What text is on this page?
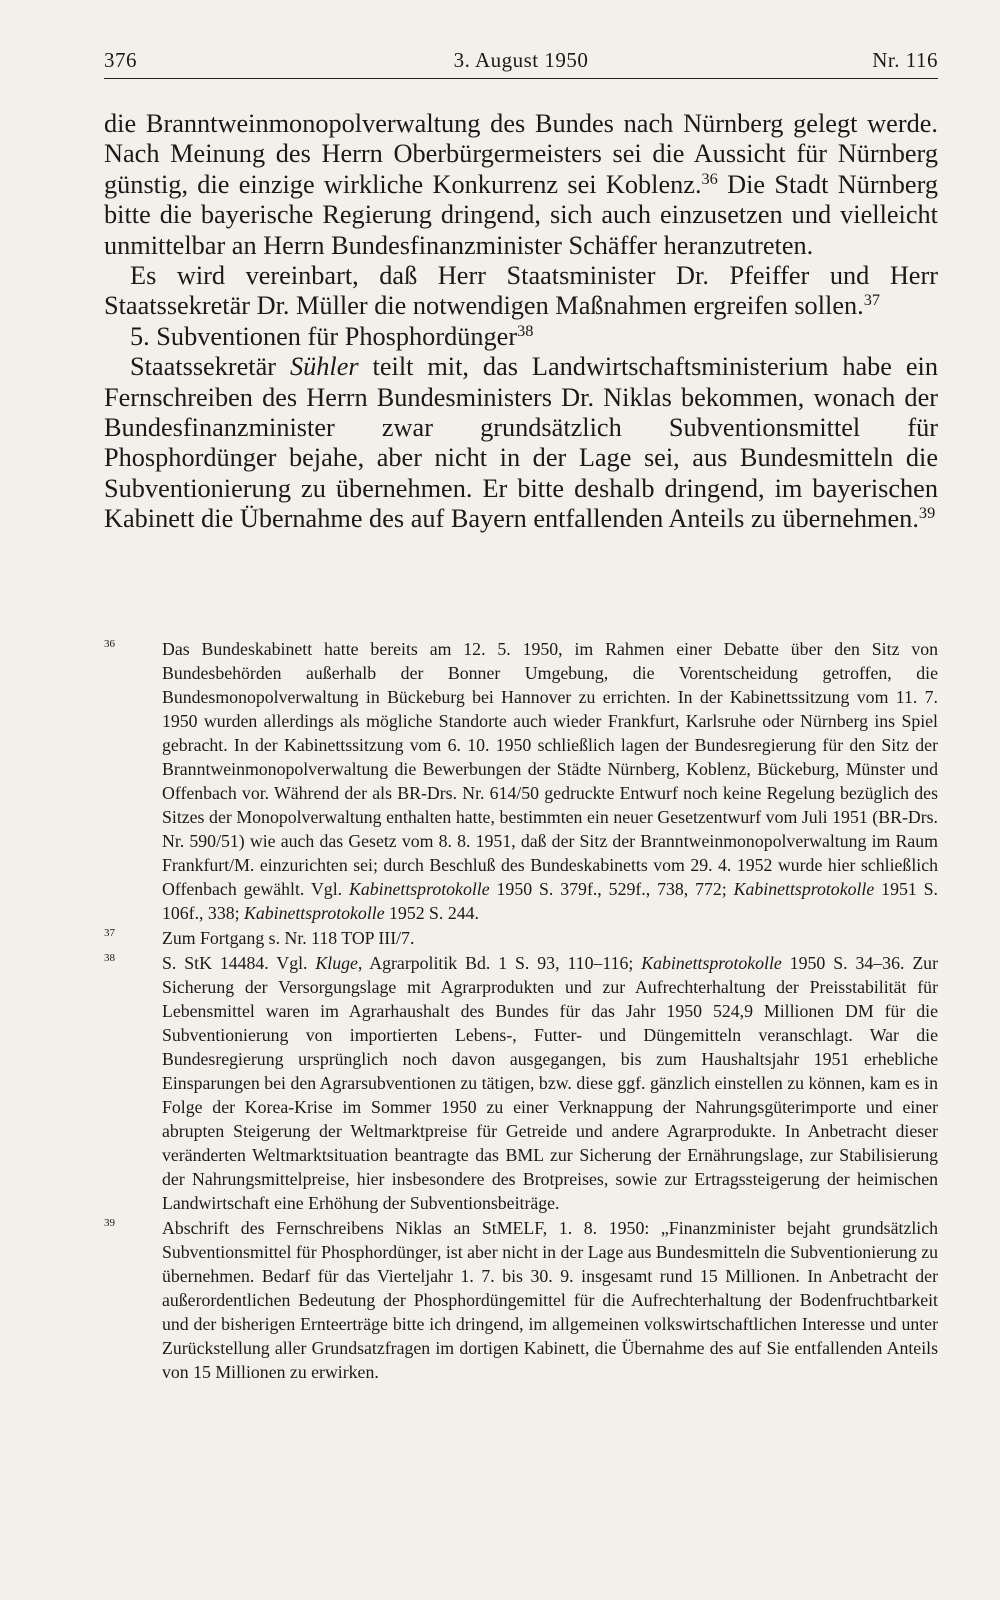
376	3. August 1950	Nr. 116

die Branntweinmonopolverwaltung des Bundes nach Nürnberg gelegt werde. Nach Meinung des Herrn Oberbürgermeisters sei die Aussicht für Nürnberg günstig, die einzige wirkliche Konkurrenz sei Koblenz.$^{36}$ Die Stadt Nürnberg bitte die bayerische Regierung dringend, sich auch einzusetzen und vielleicht unmittelbar an Herrn Bundesfinanzminister Schäffer heranzutreten.

Es wird vereinbart, daß Herr Staatsminister Dr. Pfeiffer und Herr Staatssekretär Dr. Müller die notwendigen Maßnahmen ergreifen sollen.$^{37}$

5. Subventionen für Phosphordünger$^{38}$

Staatssekretär Sühler teilt mit, das Landwirtschaftsministerium habe ein Fernschreiben des Herrn Bundesministers Dr. Niklas bekommen, wonach der Bundesfinanzminister zwar grundsätzlich Subventionsmittel für Phosphordünger bejahe, aber nicht in der Lage sei, aus Bundesmitteln die Subventionierung zu übernehmen. Er bitte deshalb dringend, im bayerischen Kabinett die Übernahme des auf Bayern entfallenden Anteils zu übernehmen.$^{39}$

36	Das Bundeskabinett hatte bereits am 12. 5. 1950, im Rahmen einer Debatte über den Sitz von Bundesbehörden außerhalb der Bonner Umgebung, die Vorentscheidung getroffen, die Bundesmonopolverwaltung in Bückeburg bei Hannover zu errichten. In der Kabinettssitzung vom 11. 7. 1950 wurden allerdings als mögliche Standorte auch wieder Frankfurt, Karlsruhe oder Nürnberg ins Spiel gebracht. In der Kabinettssitzung vom 6. 10. 1950 schließlich lagen der Bundesregierung für den Sitz der Branntweinmonopolverwaltung die Bewerbungen der Städte Nürnberg, Koblenz, Bückeburg, Münster und Offenbach vor. Während der als BR-Drs. Nr. 614/50 gedruckte Entwurf noch keine Regelung bezüglich des Sitzes der Monopolverwaltung enthalten hatte, bestimmten ein neuer Gesetzentwurf vom Juli 1951 (BR-Drs. Nr. 590/51) wie auch das Gesetz vom 8. 8. 1951, daß der Sitz der Branntweinmonopolverwaltung im Raum Frankfurt/M. einzurichten sei; durch Beschluß des Bundeskabinetts vom 29. 4. 1952 wurde hier schließlich Offenbach gewählt. Vgl. Kabinettsprotokolle 1950 S. 379f., 529f., 738, 772; Kabinettsprotokolle 1951 S. 106f., 338; Kabinettsprotokolle 1952 S. 244.
37	Zum Fortgang s. Nr. 118 TOP III/7.
38	S. StK 14484. Vgl. Kluge, Agrarpolitik Bd. 1 S. 93, 110–116; Kabinettsprotokolle 1950 S. 34–36. Zur Sicherung der Versorgungslage mit Agrarprodukten und zur Aufrechterhaltung der Preisstabilität für Lebensmittel waren im Agrarhaushalt des Bundes für das Jahr 1950 524,9 Millionen DM für die Subventionierung von importierten Lebens-, Futter- und Düngemitteln veranschlagt. War die Bundesregierung ursprünglich noch davon ausgegangen, bis zum Haushaltsjahr 1951 erhebliche Einsparungen bei den Agrarsubventionen zu tätigen, bzw. diese ggf. gänzlich einstellen zu können, kam es in Folge der Korea-Krise im Sommer 1950 zu einer Verknappung der Nahrungsgüterimporte und einer abrupten Steigerung der Weltmarktpreise für Getreide und andere Agrarprodukte. In Anbetracht dieser veränderten Weltmarktsituation beantragte das BML zur Sicherung der Ernährungslage, zur Stabilisierung der Nahrungsmittelpreise, hier insbesondere des Brotpreises, sowie zur Ertragssteigerung der heimischen Landwirtschaft eine Erhöhung der Subventionsbeiträge.
39	Abschrift des Fernschreibens Niklas an StMELF, 1. 8. 1950: „Finanzminister bejaht grundsätzlich Subventionsmittel für Phosphordünger, ist aber nicht in der Lage aus Bundesmitteln die Subventionierung zu übernehmen. Bedarf für das Vierteljahr 1. 7. bis 30. 9. insgesamt rund 15 Millionen. In Anbetracht der außerordentlichen Bedeutung der Phosphordüngemittel für die Aufrechterhaltung der Bodenfruchtbarkeit und der bisherigen Ernteerträge bitte ich dringend, im allgemeinen volkswirtschaftlichen Interesse und unter Zurückstellung aller Grundsatzfragen im dortigen Kabinett, die Übernahme des auf Sie entfallenden Anteils von 15 Millionen zu erwirken.
